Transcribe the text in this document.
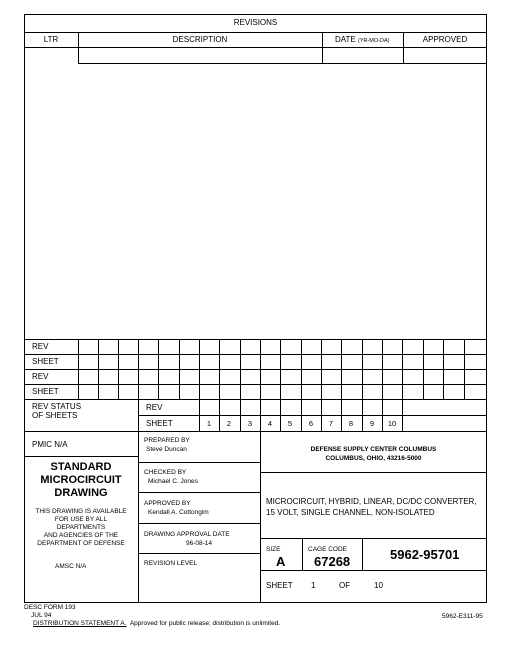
REVISIONS
LTR	DESCRIPTION	DATE (YR-MO-DA)	APPROVED
REV
SHEET
REV
SHEET
REV STATUS
OF SHEETS
REV
SHEET	1	2	3	4	5	6	7	8	9	10
PMIC N/A
STANDARD
MICROCIRCUIT
DRAWING
THIS DRAWING IS AVAILABLE
FOR USE BY ALL
DEPARTMENTS
AND AGENCIES OF THE
DEPARTMENT OF DEFENSE
AMSC N/A
PREPARED BY
Steve Duncan
CHECKED BY
Michael C. Jones
APPROVED BY
Kendall A. Cottongim
DRAWING APPROVAL DATE
96-08-14
REVISION LEVEL
DEFENSE SUPPLY CENTER COLUMBUS
COLUMBUS, OHIO, 43216-5000
MICROCIRCUIT, HYBRID, LINEAR, DC/DC CONVERTER,
15 VOLT, SINGLE CHANNEL, NON-ISOLATED
SIZE
A
CAGE CODE
67268	5962-95701
SHEET 1	OF	10
DESC FORM 193
JUL 94
DISTRIBUTION STATEMENT A. Approved for public release; distribution is unlimited.
5962-E311-95
